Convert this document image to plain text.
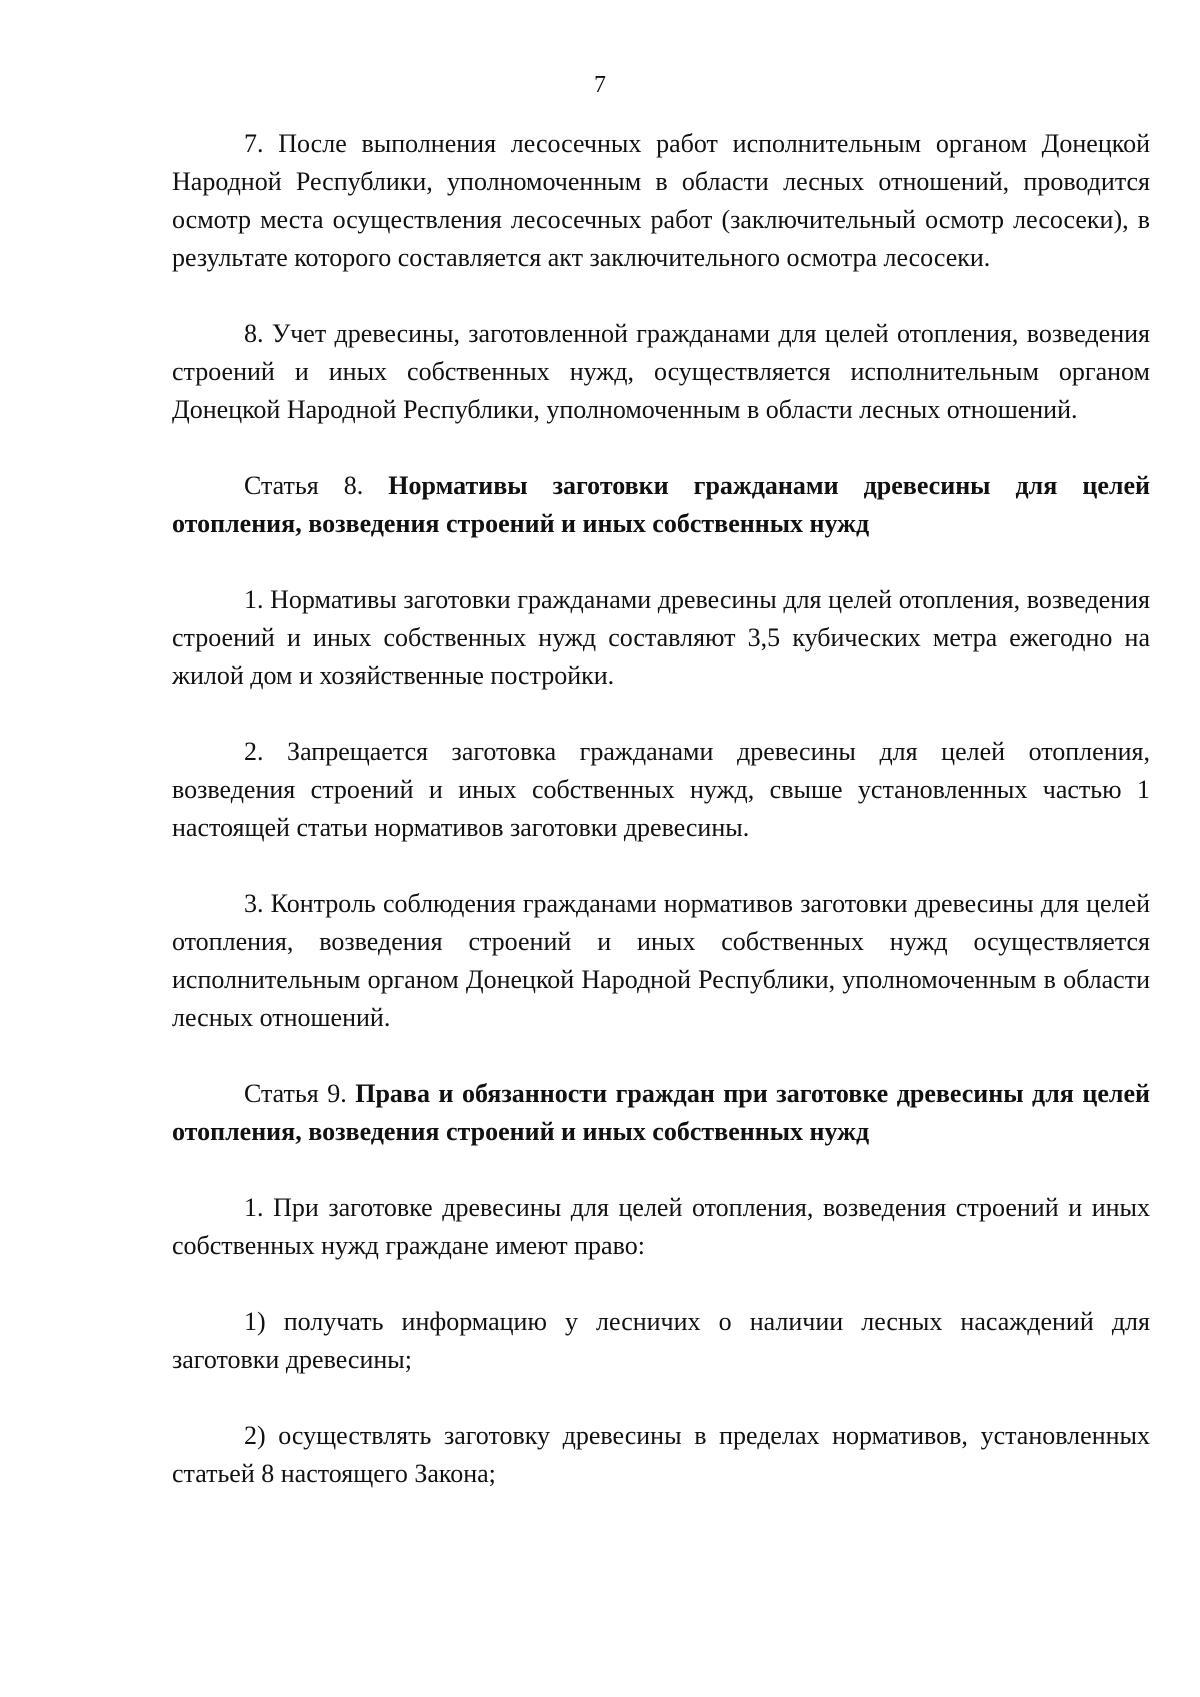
7

7. После выполнения лесосечных работ исполнительным органом Донецкой Народной Республики, уполномоченным в области лесных отношений, проводится осмотр места осуществления лесосечных работ (заключительный осмотр лесосеки), в результате которого составляется акт заключительного осмотра лесосеки.

8. Учет древесины, заготовленной гражданами для целей отопления, возведения строений и иных собственных нужд, осуществляется исполнительным органом Донецкой Народной Республики, уполномоченным в области лесных отношений.

Статья 8. Нормативы заготовки гражданами древесины для целей отопления, возведения строений и иных собственных нужд

1. Нормативы заготовки гражданами древесины для целей отопления, возведения строений и иных собственных нужд составляют 3,5 кубических метра ежегодно на жилой дом и хозяйственные постройки.

2. Запрещается заготовка гражданами древесины для целей отопления, возведения строений и иных собственных нужд, свыше установленных частью 1 настоящей статьи нормативов заготовки древесины.

3. Контроль соблюдения гражданами нормативов заготовки древесины для целей отопления, возведения строений и иных собственных нужд осуществляется исполнительным органом Донецкой Народной Республики, уполномоченным в области лесных отношений.

Статья 9. Права и обязанности граждан при заготовке древесины для целей отопления, возведения строений и иных собственных нужд

1. При заготовке древесины для целей отопления, возведения строений и иных собственных нужд граждане имеют право:

1) получать информацию у лесничих о наличии лесных насаждений для заготовки древесины;

2) осуществлять заготовку древесины в пределах нормативов, установленных статьей 8 настоящего Закона;
